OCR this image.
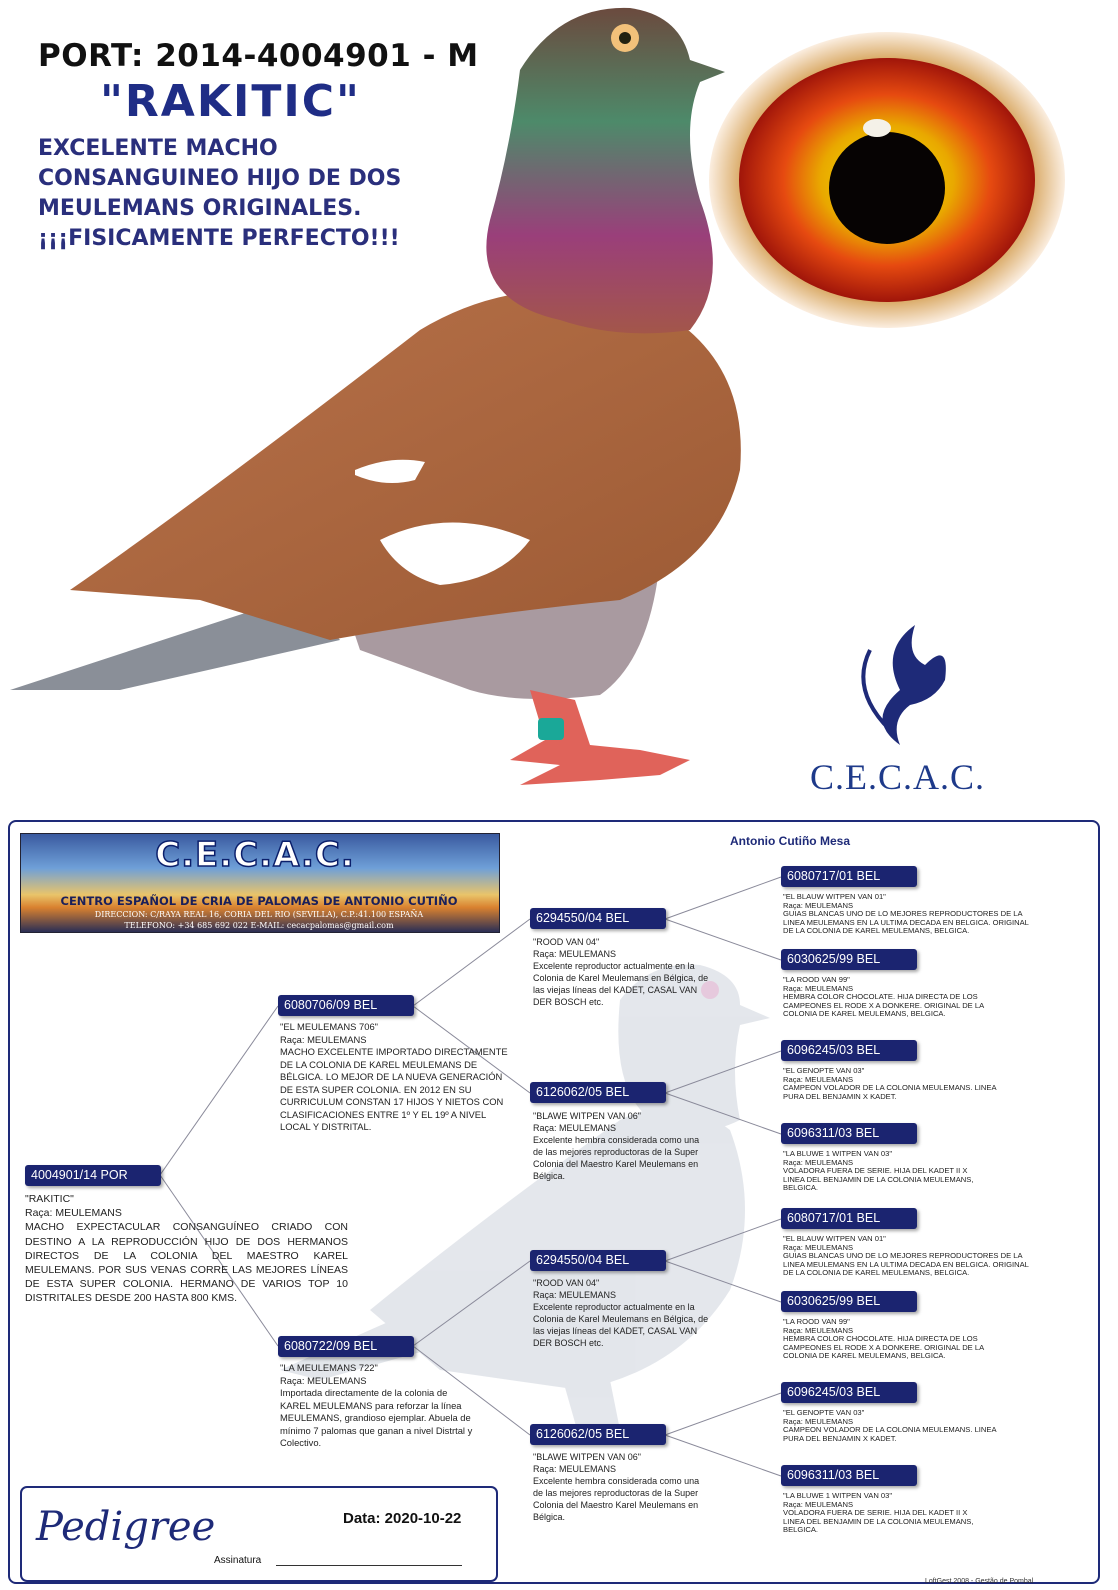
PORT: 2014-4004901 - M
"RAKITIC"
EXCELENTE MACHO
CONSANGUINEO HIJO DE DOS
MEULEMANS ORIGINALES.
¡¡¡FISICAMENTE PERFECTO!!!
C.E.C.A.C.
C.E.C.A.C.
CENTRO ESPAÑOL DE CRIA DE PALOMAS DE ANTONIO CUTIÑO
DIRECCION: C/RAYA REAL 16, CORIA DEL RIO (SEVILLA), C.P.:41.100 ESPAÑA
TELEFONO: +34 685 692 022 E-MAIL: cecacpalomas@gmail.com
Antonio Cutiño Mesa
4004901/14 POR
"RAKITIC"
Raça: MEULEMANS
MACHO EXPECTACULAR CONSANGUÍNEO CRIADO CON DESTINO A LA REPRODUCCIÓN HIJO DE DOS HERMANOS DIRECTOS DE LA COLONIA DEL MAESTRO KAREL MEULEMANS. POR SUS VENAS CORRE LAS MEJORES LÍNEAS DE ESTA SUPER COLONIA. HERMANO DE VARIOS TOP 10 DISTRITALES DESDE 200 HASTA 800 KMS.
6080706/09 BEL
"EL MEULEMANS 706"
Raça: MEULEMANS
MACHO EXCELENTE IMPORTADO DIRECTAMENTE DE LA COLONIA DE KAREL MEULEMANS DE BÉLGICA. LO MEJOR DE LA NUEVA GENERACIÓN DE ESTA SUPER COLONIA. EN 2012 EN SU CURRICULUM CONSTAN 17 HIJOS Y NIETOS CON CLASIFICACIONES ENTRE 1º Y EL 19º A NIVEL LOCAL Y DISTRITAL.
6080722/09 BEL
"LA MEULEMANS 722"
Raça: MEULEMANS
Importada directamente de la colonia de KAREL MEULEMANS para reforzar la línea MEULEMANS, grandioso ejemplar. Abuela de mínimo 7 palomas que ganan a nivel Distrtal y Colectivo.
6294550/04 BEL
"ROOD VAN 04"
Raça: MEULEMANS
Excelente reproductor actualmente en la Colonia de Karel Meulemans en Bélgica, de las viejas líneas del KADET, CASAL VAN DER BOSCH etc.
6126062/05 BEL
"BLAWE WITPEN VAN 06"
Raça: MEULEMANS
Excelente hembra considerada como una de las mejores reproductoras de la Super Colonia del Maestro Karel Meulemans en Bélgica.
6294550/04 BEL
"ROOD VAN 04"
Raça: MEULEMANS
Excelente reproductor actualmente en la Colonia de Karel Meulemans en Bélgica, de las viejas líneas del KADET, CASAL VAN DER BOSCH etc.
6126062/05 BEL
"BLAWE WITPEN VAN 06"
Raça: MEULEMANS
Excelente hembra considerada como una de las mejores reproductoras de la Super Colonia del Maestro Karel Meulemans en Bélgica.
6080717/01 BEL
"EL BLAUW WITPEN VAN 01"
Raça: MEULEMANS
GUIAS BLANCAS UNO DE LO MEJORES REPRODUCTORES DE LA LINEA MEULEMANS EN LA ULTIMA DECADA EN BELGICA. ORIGINAL DE LA COLONIA DE KAREL MEULEMANS, BELGICA.
6030625/99 BEL
"LA ROOD VAN 99"
Raça: MEULEMANS
HEMBRA COLOR CHOCOLATE. HIJA DIRECTA DE LOS CAMPEONES EL RODE X A DONKERE. ORIGINAL DE LA COLONIA DE KAREL MEULEMANS, BELGICA.
6096245/03 BEL
"EL GENOPTE VAN 03"
Raça: MEULEMANS
CAMPEON VOLADOR DE LA COLONIA MEULEMANS. LINEA PURA DEL BENJAMIN X KADET.
6096311/03 BEL
"LA BLUWE 1 WITPEN VAN 03"
Raça: MEULEMANS
VOLADORA FUERA DE SERIE. HIJA DEL KADET II X LINEA DEL BENJAMIN DE LA COLONIA MEULEMANS, BELGICA.
6080717/01 BEL
"EL BLAUW WITPEN VAN 01"
Raça: MEULEMANS
GUIAS BLANCAS UNO DE LO MEJORES REPRODUCTORES DE LA LINEA MEULEMANS EN LA ULTIMA DECADA EN BELGICA. ORIGINAL DE LA COLONIA DE KAREL MEULEMANS, BELGICA.
6030625/99 BEL
"LA ROOD VAN 99"
Raça: MEULEMANS
HEMBRA COLOR CHOCOLATE. HIJA DIRECTA DE LOS CAMPEONES EL RODE X A DONKERE. ORIGINAL DE LA COLONIA DE KAREL MEULEMANS, BELGICA.
6096245/03 BEL
"EL GENOPTE VAN 03"
Raça: MEULEMANS
CAMPEON VOLADOR DE LA COLONIA MEULEMANS. LINEA PURA DEL BENJAMIN X KADET.
6096311/03 BEL
"LA BLUWE 1 WITPEN VAN 03"
Raça: MEULEMANS
VOLADORA FUERA DE SERIE. HIJA DEL KADET II X LINEA DEL BENJAMIN DE LA COLONIA MEULEMANS, BELGICA.
Pedigree	Data: 2020-10-22
Assinatura
LoftGest 2008 - Gestão de Pombal
